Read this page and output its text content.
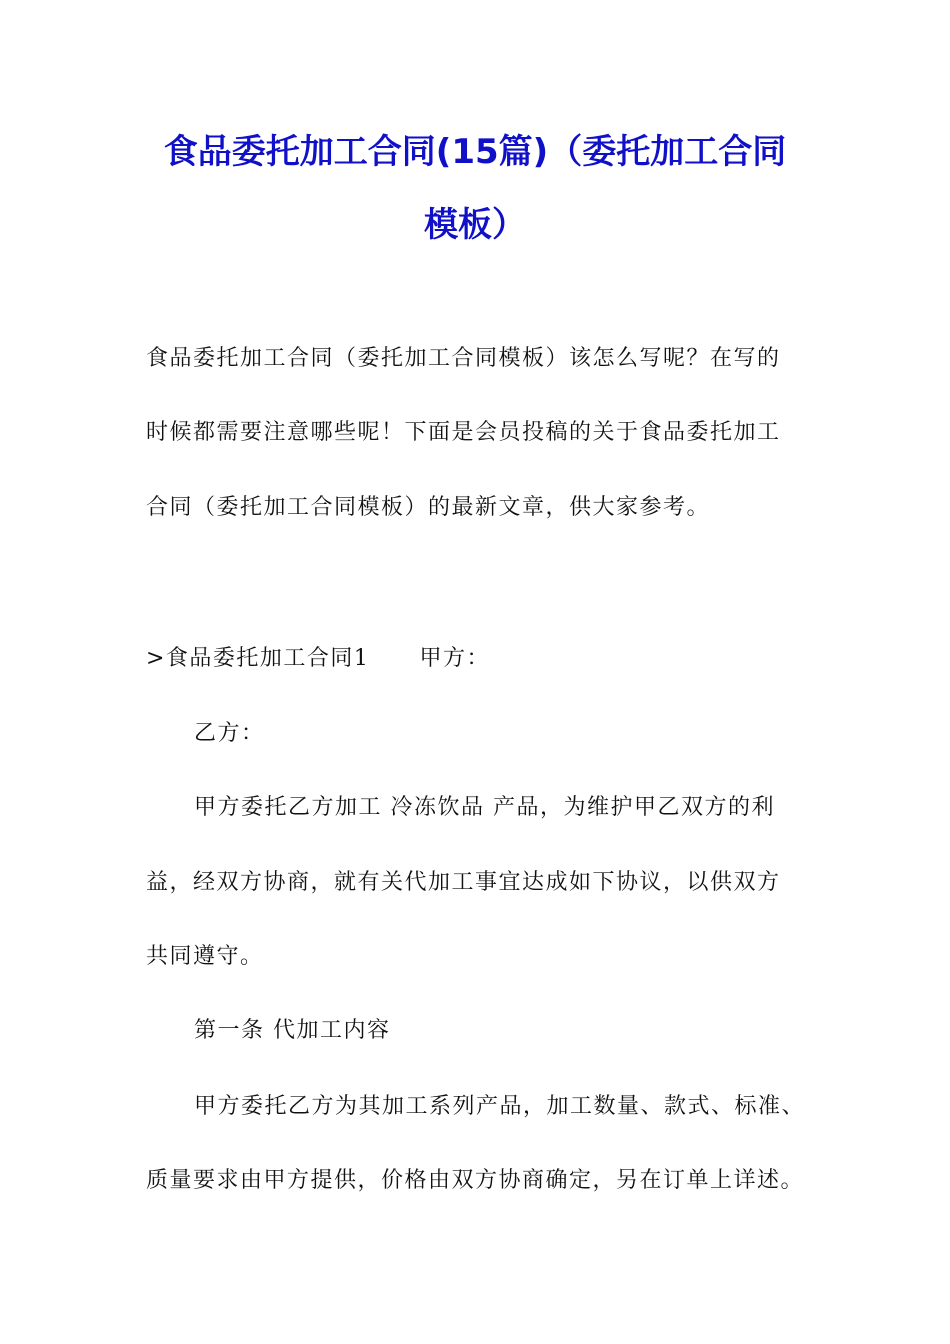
食品委托加工合同(15篇)（委托加工合同
模板）
食品委托加工合同（委托加工合同模板）该怎么写呢？在写的
时候都需要注意哪些呢！下面是会员投稿的关于食品委托加工
合同（委托加工合同模板）的最新文章，供大家参考。
>食品委托加工合同1 甲方：
乙方：
甲方委托乙方加工 冷冻饮品 产品，为维护甲乙双方的利
益，经双方协商，就有关代加工事宜达成如下协议，以供双方
共同遵守。
第一条 代加工内容
甲方委托乙方为其加工系列产品，加工数量、款式、标准、
质量要求由甲方提供，价格由双方协商确定，另在订单上详述。
